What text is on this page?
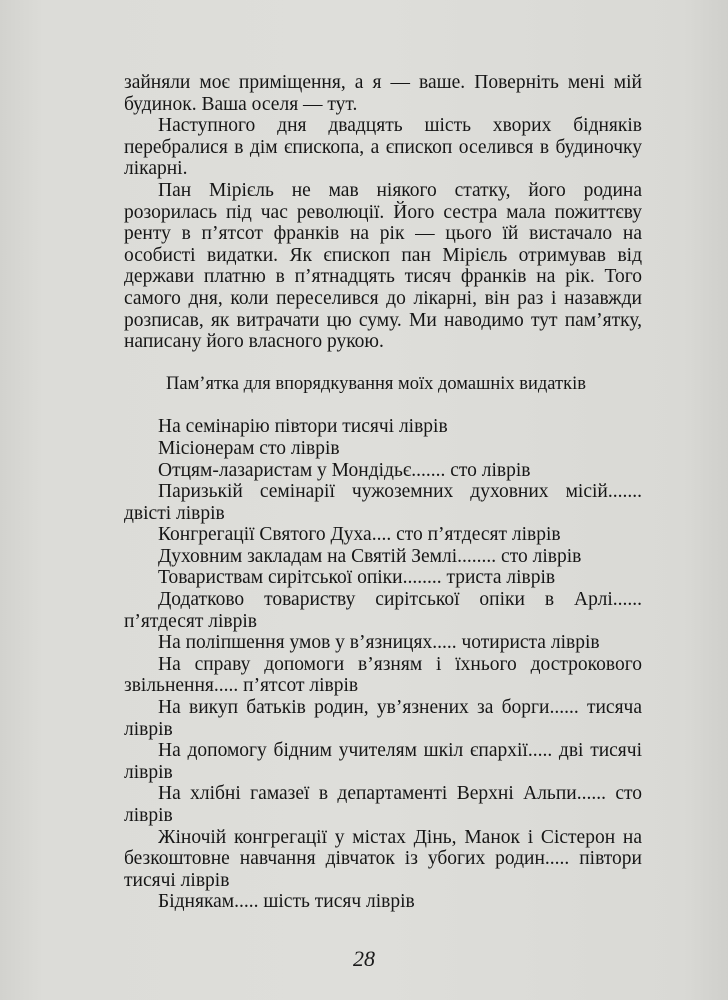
зайняли моє приміщення, а я — ваше. Поверніть мені мій будинок. Ваша оселя — тут.

Наступного дня двадцять шість хворих бідняків перебралися в дім єпископа, а єпископ оселився в будиночку лікарні.

Пан Мірієль не мав ніякого статку, його родина розорилась під час революції. Його сестра мала пожиттєву ренту в п’ятсот франків на рік — цього їй вистачало на особисті видатки. Як єпископ пан Мірієль отримував від держави платню в п’ятнадцять тисяч франків на рік. Того самого дня, коли переселився до лікарні, він раз і назавжди розписав, як витрачати цю суму. Ми наводимо тут пам’ятку, написану його власного рукою.

Пам’ятка для впорядкування моїх домашніх видатків

На семінарію півтори тисячі ліврів

Місіонерам сто ліврів

Отцям-лазаристам у Мондідьє....... сто ліврів

Паризькій семінарії чужоземних духовних місій....... двісті ліврів

Конгрегації Святого Духа.... сто п’ятдесят ліврів

Духовним закладам на Святій Землі........ сто ліврів

Товариствам сирітської опіки........ триста ліврів

Додатково товариству сирітської опіки в Арлі...... п’ятдесят ліврів

На поліпшення умов у в’язницях..... чотириста ліврів

На справу допомоги в’язням і їхнього дострокового звільнення..... п’ятсот ліврів

На викуп батьків родин, ув’язнених за борги...... тисяча ліврів

На допомогу бідним учителям шкіл єпархії..... дві тисячі ліврів

На хлібні гамазеї в департаменті Верхні Альпи...... сто ліврів

Жіночій конгрегації у містах Дінь, Манок і Сістерон на безкоштовне навчання дівчаток із убогих родин..... півтори тисячі ліврів

Біднякам..... шість тисяч ліврів

28
